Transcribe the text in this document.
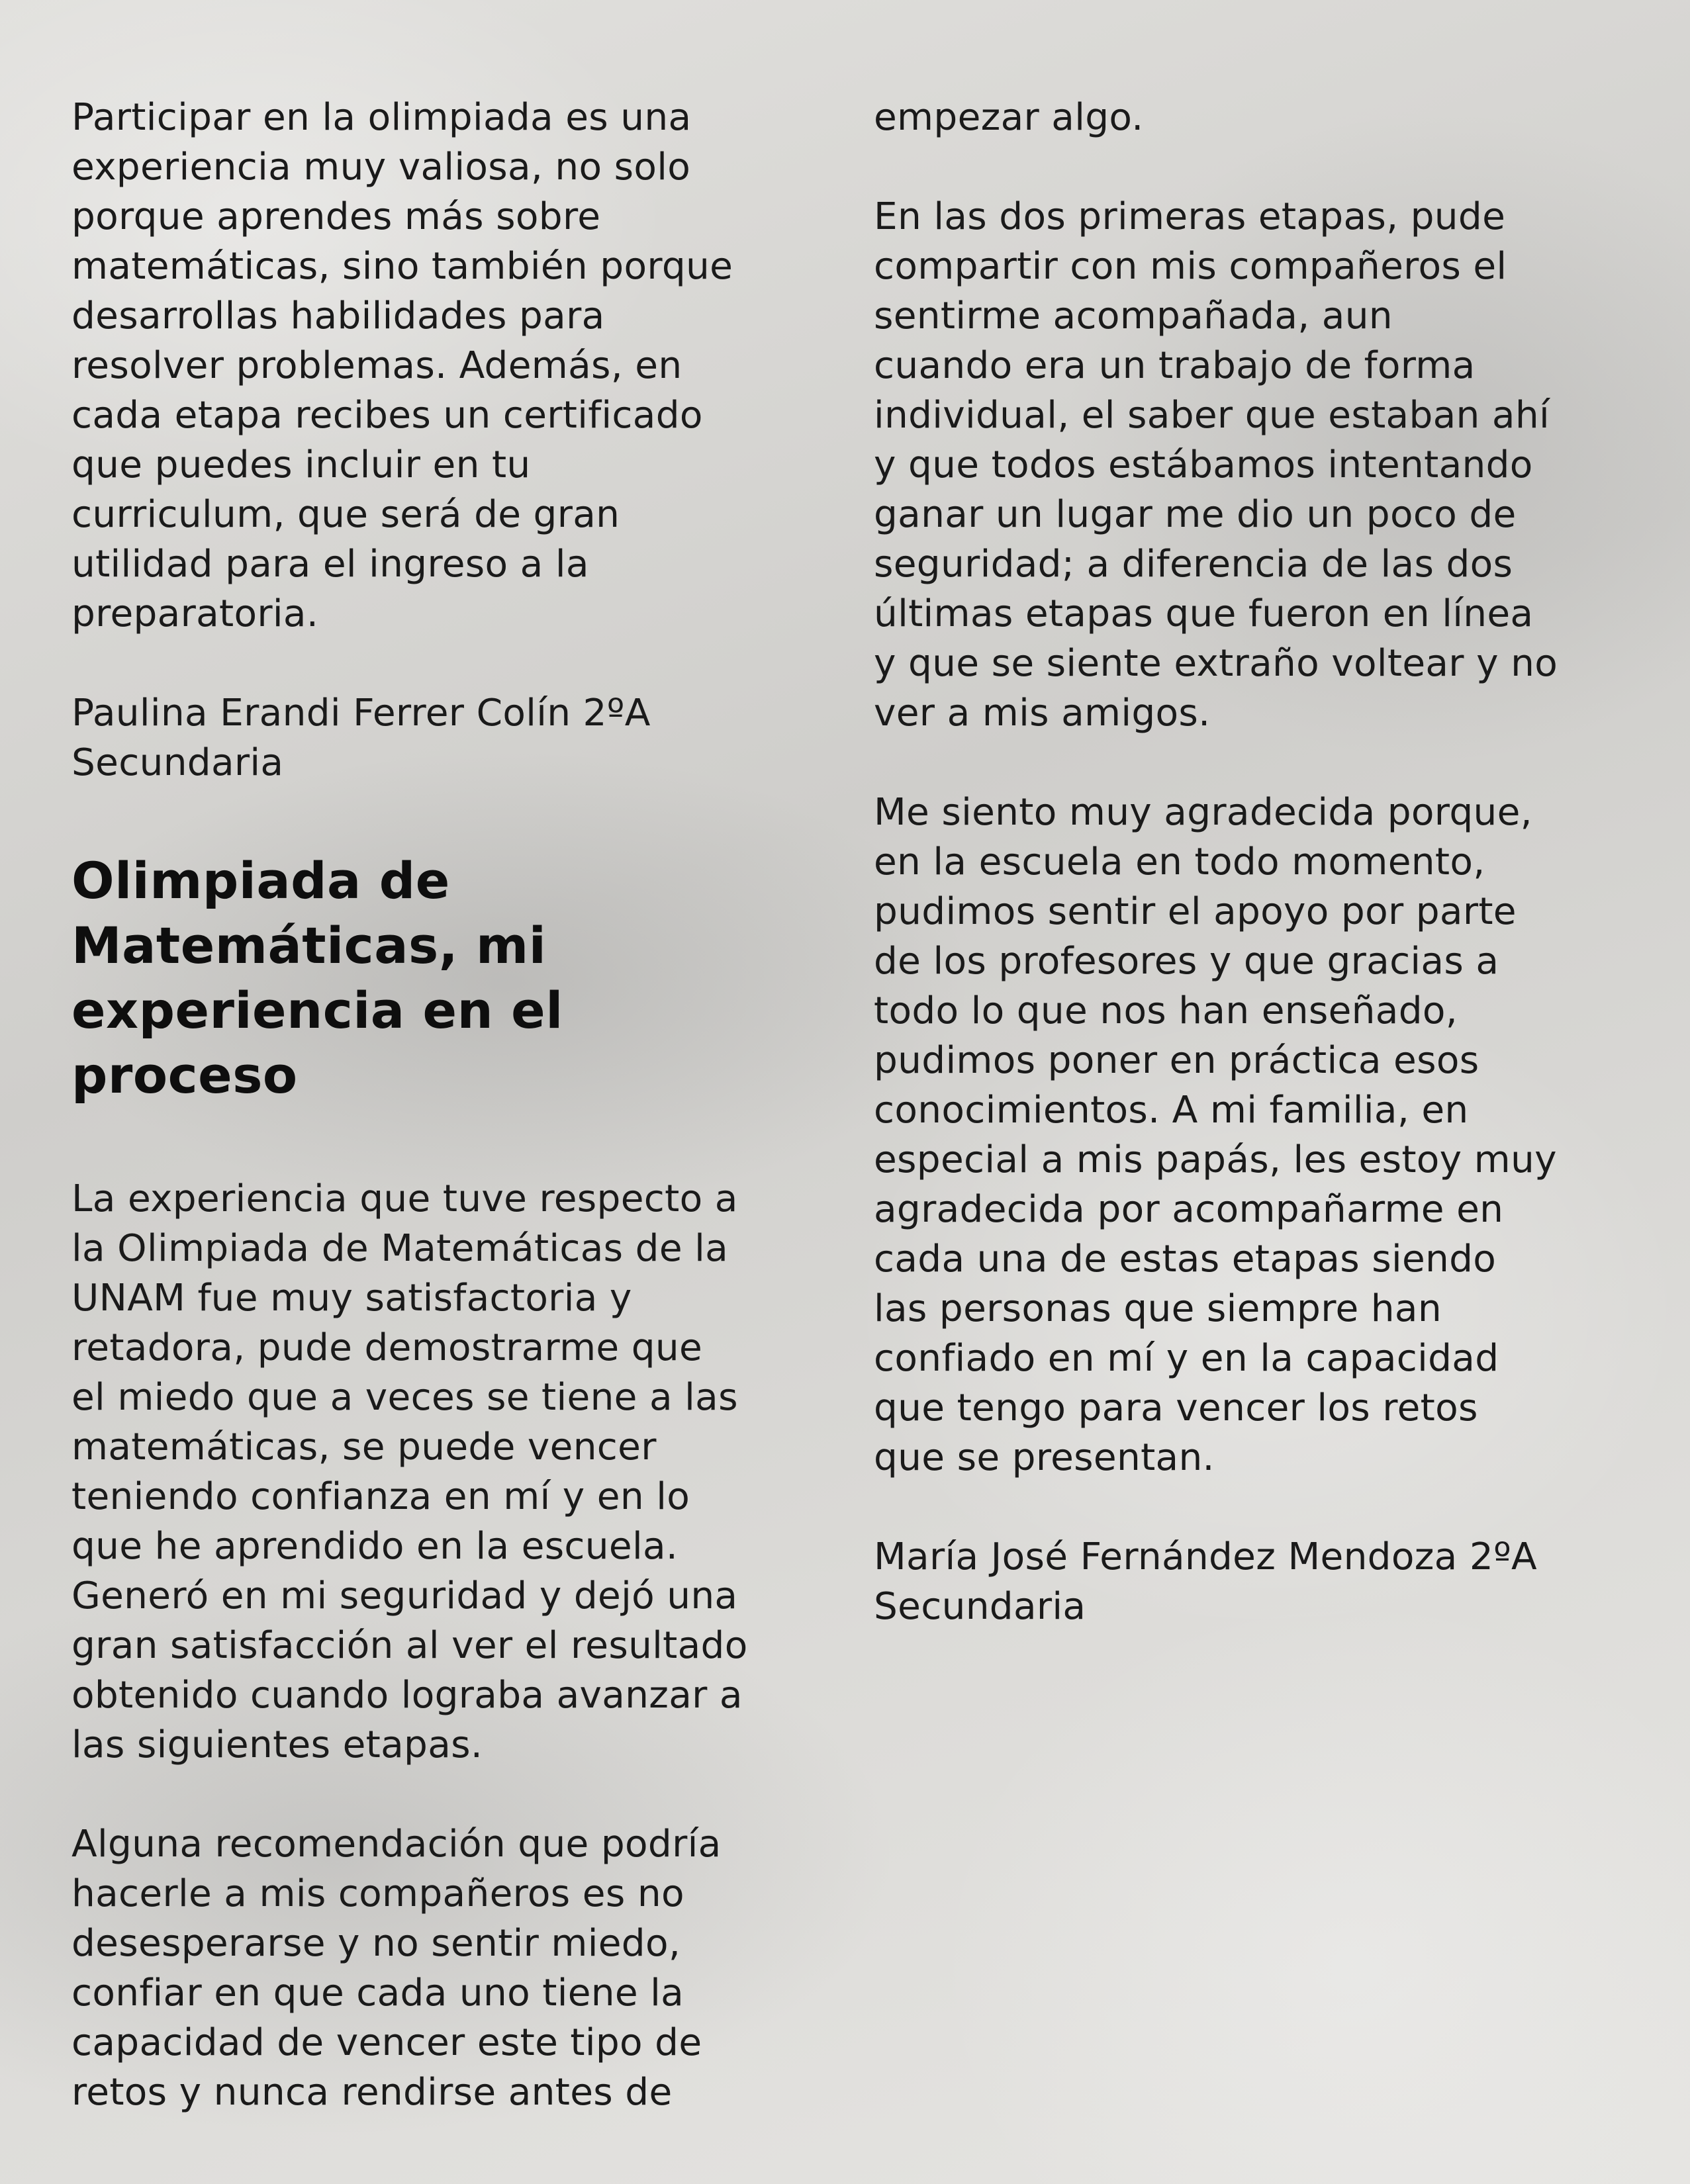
Participar en la olimpiada es una
experiencia muy valiosa, no solo
porque aprendes más sobre
matemáticas, sino también porque
desarrollas habilidades para
resolver problemas. Además, en
cada etapa recibes un certificado
que puedes incluir en tu
curriculum, que será de gran
utilidad para el ingreso a la
preparatoria.

Paulina Erandi Ferrer Colín 2ºA
Secundaria

Olimpiada de
Matemáticas, mi
experiencia en el
proceso

La experiencia que tuve respecto a
la Olimpiada de Matemáticas de la
UNAM fue muy satisfactoria y
retadora, pude demostrarme que
el miedo que a veces se tiene a las
matemáticas, se puede vencer
teniendo confianza en mí y en lo
que he aprendido en la escuela.
Generó en mi seguridad y dejó una
gran satisfacción al ver el resultado
obtenido cuando lograba avanzar a
las siguientes etapas.

Alguna recomendación que podría
hacerle a mis compañeros es no
desesperarse y no sentir miedo,
confiar en que cada uno tiene la
capacidad de vencer este tipo de
retos y nunca rendirse antes de

empezar algo.

En las dos primeras etapas, pude
compartir con mis compañeros el
sentirme acompañada, aun
cuando era un trabajo de forma
individual, el saber que estaban ahí
y que todos estábamos intentando
ganar un lugar me dio un poco de
seguridad; a diferencia de las dos
últimas etapas que fueron en línea
y que se siente extraño voltear y no
ver a mis amigos.

Me siento muy agradecida porque,
en la escuela en todo momento,
pudimos sentir el apoyo por parte
de los profesores y que gracias a
todo lo que nos han enseñado,
pudimos poner en práctica esos
conocimientos. A mi familia, en
especial a mis papás, les estoy muy
agradecida por acompañarme en
cada una de estas etapas siendo
las personas que siempre han
confiado en mí y en la capacidad
que tengo para vencer los retos
que se presentan.

María José Fernández Mendoza 2ºA
Secundaria
